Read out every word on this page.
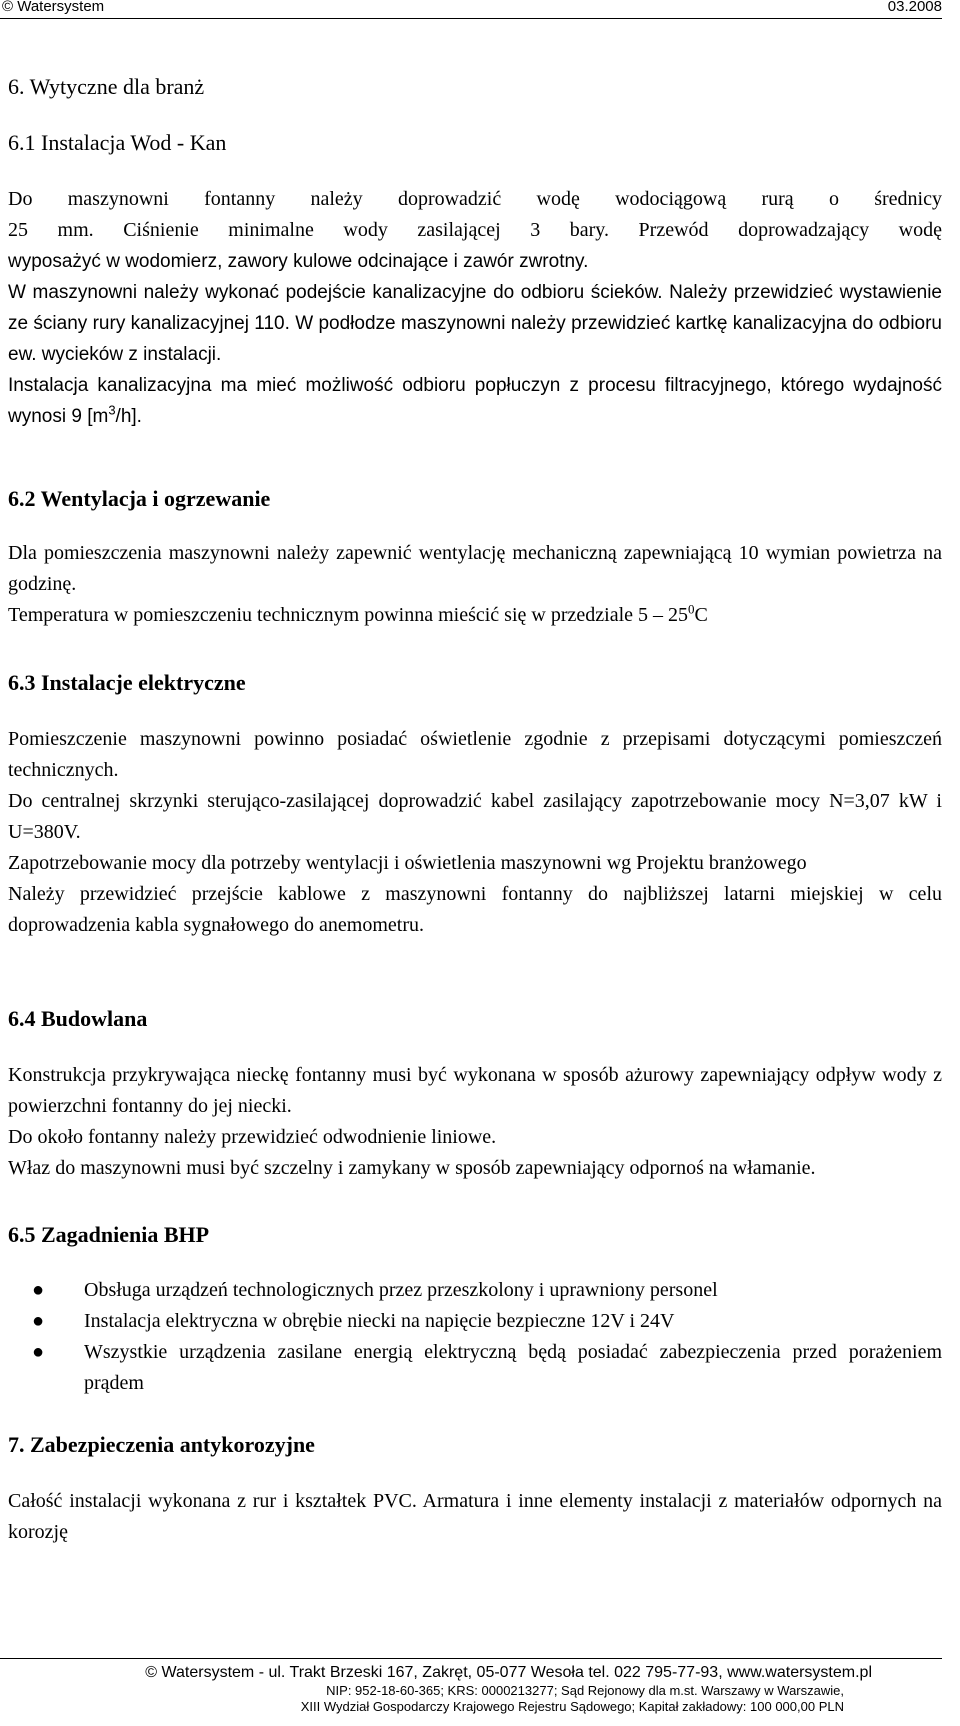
© Watersystem	03.2008
6. Wytyczne dla branż
6.1 Instalacja Wod - Kan

Do maszynowni fontanny należy doprowadzić wodę wodociągową rurą o średnicy

25 mm. Ciśnienie minimalne wody zasilającej 3 bary. Przewód doprowadzający wodę

wyposażyć w wodomierz, zawory kulowe odcinające i zawór zwrotny.

W maszynowni należy wykonać podejście kanalizacyjne do odbioru ścieków. Należy przewidzieć wystawienie ze ściany rury kanalizacyjnej 110. W podłodze maszynowni należy przewidzieć kartkę kanalizacyjna do odbioru ew. wycieków z instalacji.

Instalacja kanalizacyjna ma mieć możliwość odbioru popłuczyn z procesu filtracyjnego, którego wydajność wynosi 9 $[m^3/h]$.

6.2 Wentylacja i ogrzewanie

Dla pomieszczenia maszynowni należy zapewnić wentylację mechaniczną zapewniającą 10 wymian powietrza na godzinę.

Temperatura w pomieszczeniu technicznym powinna mieścić się w przedziale $5 - 25^0C$

6.3 Instalacje elektryczne

Pomieszczenie maszynowni powinno posiadać oświetlenie zgodnie z przepisami dotyczącymi pomieszczeń technicznych.

Do centralnej skrzynki sterująco-zasilającej doprowadzić kabel zasilający zapotrzebowanie mocy N=3,07 kW i U=380V.

Zapotrzebowanie mocy dla potrzeby wentylacji i oświetlenia maszynowni wg Projektu branżowego

Należy przewidzieć przejście kablowe z maszynowni fontanny do najbliższej latarni miejskiej w celu doprowadzenia kabla sygnałowego do anemometru.

6.4 Budowlana

Konstrukcja przykrywająca nieckę fontanny musi być wykonana w sposób ażurowy zapewniający odpływ wody z powierzchni fontanny do jej niecki.

Do około fontanny należy przewidzieć odwodnienie liniowe.

Właz do maszynowni musi być szczelny i zamykany w sposób zapewniający odpornoś na włamanie.

6.5 Zagadnienia BHP
● Obsługa urządzeń technologicznych przez przeszkolony i uprawniony personel
● Instalacja elektryczna w obrębie niecki na napięcie bezpieczne 12V i 24V
● Wszystkie urządzenia zasilane energią elektryczną będą posiadać zabezpieczenia przed porażeniem prądem
7. Zabezpieczenia antykorozyjne

Całość instalacji wykonana z rur i kształtek PVC. Armatura i inne elementy instalacji z materiałów odpornych na korozję

© Watersystem - ul. Trakt Brzeski 167, Zakręt, 05-077 Wesoła tel. 022 795-77-93, www.watersystem.pl
NIP: 952-18-60-365; KRS: 0000213277; Sąd Rejonowy dla m.st. Warszawy w Warszawie,
XIII Wydział Gospodarczy Krajowego Rejestru Sądowego; Kapitał zakładowy: 100 000,00 PLN
